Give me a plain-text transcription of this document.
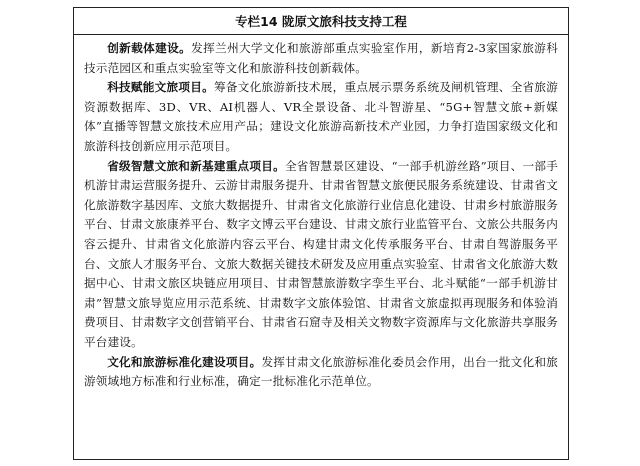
专栏14 陇原文旅科技支持工程

创新载体建设。发挥兰州大学文化和旅游部重点实验室作用，新培育2-3家国家旅游科技示范园区和重点实验室等文化和旅游科技创新载体。

科技赋能文旅项目。筹备文化旅游新技术展，重点展示票务系统及闸机管理、全省旅游资源数据库、3D、VR、AI机器人、VR全景设备、北斗智游星、“5G+智慧文旅+新媒体”直播等智慧文旅技术应用产品；建设文化旅游高新技术产业园，力争打造国家级文化和旅游科技创新应用示范项目。

省级智慧文旅和新基建重点项目。全省智慧景区建设、“一部手机游丝路”项目、一部手机游甘肃运营服务提升、云游甘肃服务提升、甘肃省智慧文旅便民服务系统建设、甘肃省文化旅游数字基因库、文旅大数据提升、甘肃省文化旅游行业信息化建设、甘肃乡村旅游服务平台、甘肃文旅康养平台、数字文博云平台建设、甘肃文旅行业监管平台、文旅公共服务内容云提升、甘肃省文化旅游内容云平台、构建甘肃文化传承服务平台、甘肃自驾游服务平台、文旅人才服务平台、文旅大数据关键技术研发及应用重点实验室、甘肃省文化旅游大数据中心、甘肃文旅区块链应用项目、甘肃智慧旅游数字孪生平台、北斗赋能“一部手机游甘肃”智慧文旅导览应用示范系统、甘肃数字文旅体验馆、甘肃省文旅虚拟再现服务和体验消费项目、甘肃数字文创营销平台、甘肃省石窟寺及相关文物数字资源库与文化旅游共享服务平台建设。

文化和旅游标准化建设项目。发挥甘肃文化旅游标准化委员会作用，出台一批文化和旅游领域地方标准和行业标准，确定一批标准化示范单位。
